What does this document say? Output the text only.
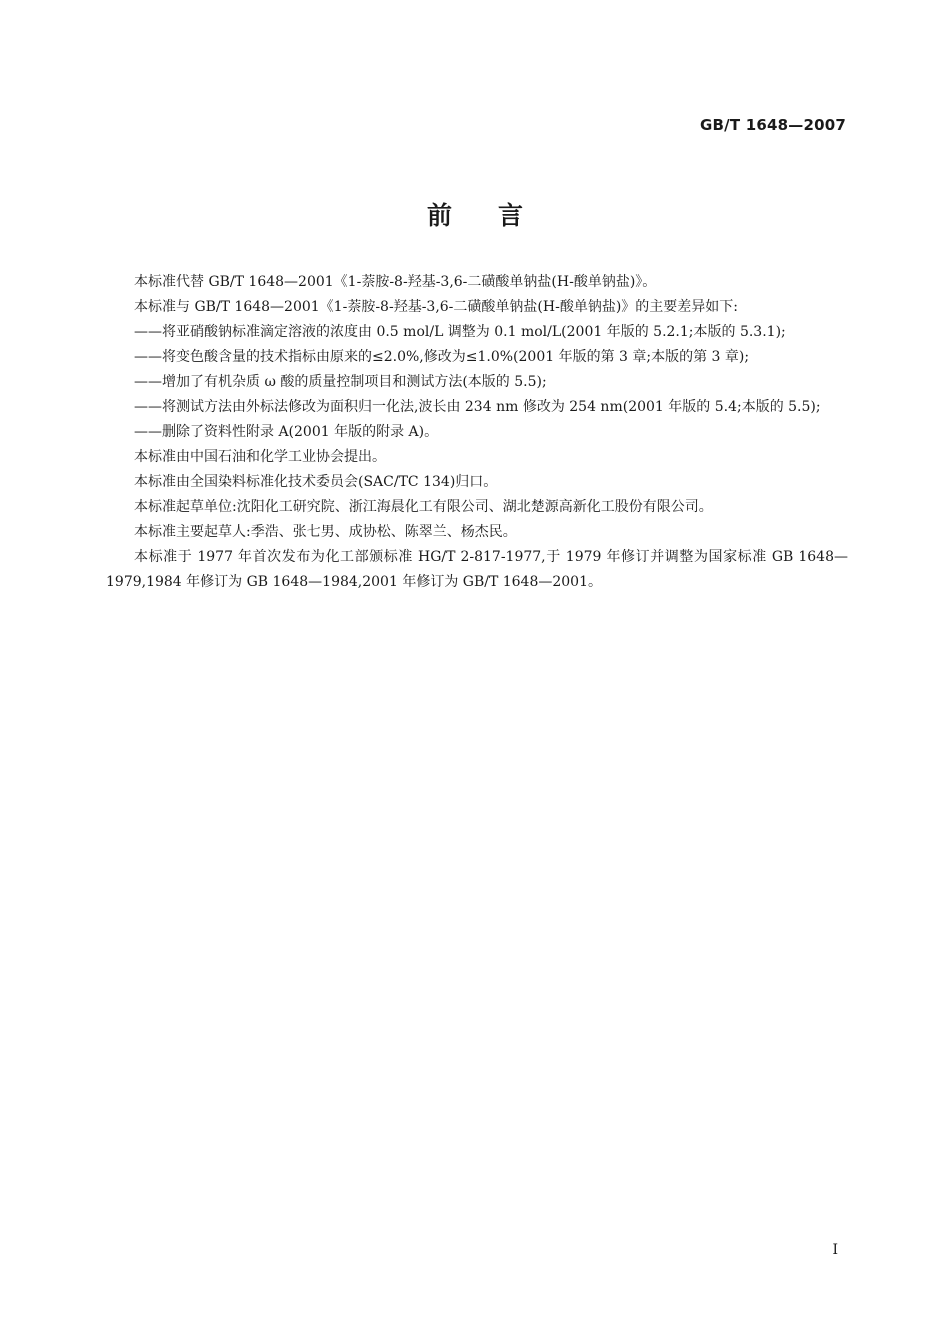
GB/T 1648—2007
前言

本标准代替 GB/T 1648—2001《1-萘胺-8-羟基-3,6-二磺酸单钠盐(H-酸单钠盐)》。

本标准与 GB/T 1648—2001《1-萘胺-8-羟基-3,6-二磺酸单钠盐(H-酸单钠盐)》的主要差异如下:

——将亚硝酸钠标准滴定溶液的浓度由 0.5 mol/L 调整为 0.1 mol/L(2001 年版的 5.2.1;本版的 5.3.1);

——将变色酸含量的技术指标由原来的≤2.0%,修改为≤1.0%(2001 年版的第 3 章;本版的第 3 章);

——增加了有机杂质 ω 酸的质量控制项目和测试方法(本版的 5.5);

——将测试方法由外标法修改为面积归一化法,波长由 234 nm 修改为 254 nm(2001 年版的 5.4;本版的 5.5);

——删除了资料性附录 A(2001 年版的附录 A)。

本标准由中国石油和化学工业协会提出。

本标准由全国染料标准化技术委员会(SAC/TC 134)归口。

本标准起草单位:沈阳化工研究院、浙江海晨化工有限公司、湖北楚源高新化工股份有限公司。

本标准主要起草人:季浩、张七男、成协松、陈翠兰、杨杰民。

本标准于 1977 年首次发布为化工部颁标准 HG/T 2-817-1977,于 1979 年修订并调整为国家标准 GB 1648—1979,1984 年修订为 GB 1648—1984,2001 年修订为 GB/T 1648—2001。

I
